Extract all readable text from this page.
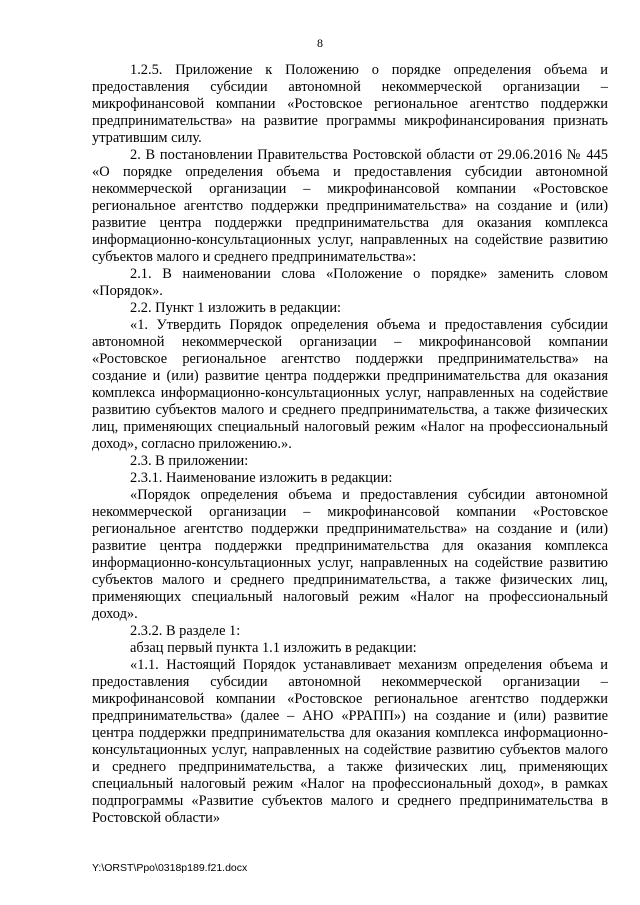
8

1.2.5. Приложение к Положению о порядке определения объема и предоставления субсидии автономной некоммерческой организации – микрофинансовой компании «Ростовское региональное агентство поддержки предпринимательства» на развитие программы микрофинансирования признать утратившим силу.

2. В постановлении Правительства Ростовской области от 29.06.2016 № 445 «О порядке определения объема и предоставления субсидии автономной некоммерческой организации – микрофинансовой компании «Ростовское региональное агентство поддержки предпринимательства» на создание и (или) развитие центра поддержки предпринимательства для оказания комплекса информационно-консультационных услуг, направленных на содействие развитию субъектов малого и среднего предпринимательства»:

2.1. В наименовании слова «Положение о порядке» заменить словом «Порядок».

2.2. Пункт 1 изложить в редакции:

«1. Утвердить Порядок определения объема и предоставления субсидии автономной некоммерческой организации – микрофинансовой компании «Ростовское региональное агентство поддержки предпринимательства» на создание и (или) развитие центра поддержки предпринимательства для оказания комплекса информационно-консультационных услуг, направленных на содействие развитию субъектов малого и среднего предпринимательства, а также физических лиц, применяющих специальный налоговый режим «Налог на профессиональный доход», согласно приложению.».

2.3. В приложении:

2.3.1. Наименование изложить в редакции:

«Порядок определения объема и предоставления субсидии автономной некоммерческой организации – микрофинансовой компании «Ростовское региональное агентство поддержки предпринимательства» на создание и (или) развитие центра поддержки предпринимательства для оказания комплекса информационно-консультационных услуг, направленных на содействие развитию субъектов малого и среднего предпринимательства, а также физических лиц, применяющих специальный налоговый режим «Налог на профессиональный доход».

2.3.2. В разделе 1:

абзац первый пункта 1.1 изложить в редакции:

«1.1. Настоящий Порядок устанавливает механизм определения объема и предоставления субсидии автономной некоммерческой организации – микрофинансовой компании «Ростовское региональное агентство поддержки предпринимательства» (далее – АНО «РРАПП») на создание и (или) развитие центра поддержки предпринимательства для оказания комплекса информационно-консультационных услуг, направленных на содействие развитию субъектов малого и среднего предпринимательства, а также физических лиц, применяющих специальный налоговый режим «Налог на профессиональный доход», в рамках подпрограммы «Развитие субъектов малого и среднего предпринимательства в Ростовской области»

Y:\ORST\Ppo\0318p189.f21.docx
